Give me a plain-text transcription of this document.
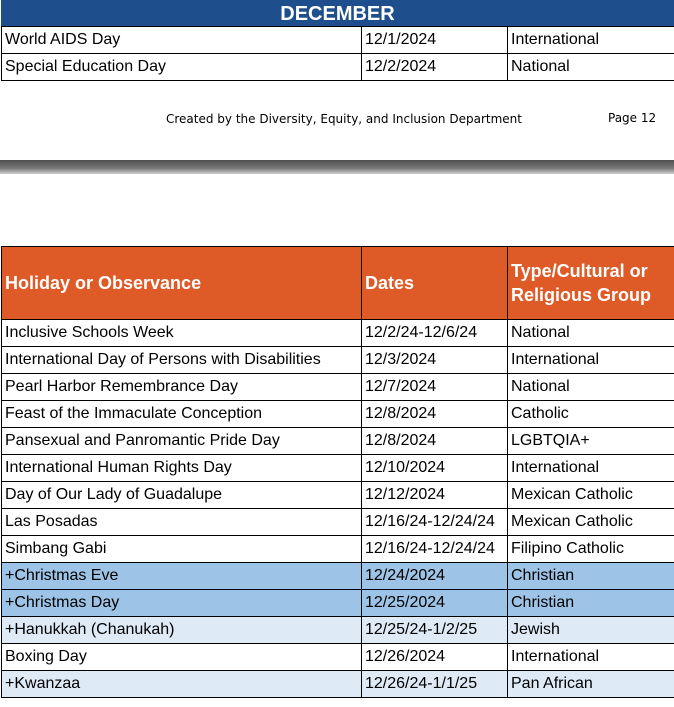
DECEMBER
World AIDS Day	12/1/2024	International
Special Education Day	12/2/2024	National
Created by the Diversity, Equity, and Inclusion Department	Page 12
Holiday or Observance	Dates	Type/Cultural or Religious Group
Inclusive Schools Week	12/2/24-12/6/24	National
International Day of Persons with Disabilities	12/3/2024	International
Pearl Harbor Remembrance Day	12/7/2024	National
Feast of the Immaculate Conception	12/8/2024	Catholic
Pansexual and Panromantic Pride Day	12/8/2024	LGBTQIA+
International Human Rights Day	12/10/2024	International
Day of Our Lady of Guadalupe	12/12/2024	Mexican Catholic
Las Posadas	12/16/24-12/24/24	Mexican Catholic
Simbang Gabi	12/16/24-12/24/24	Filipino Catholic
+Christmas Eve	12/24/2024	Christian
+Christmas Day	12/25/2024	Christian
+Hanukkah (Chanukah)	12/25/24-1/2/25	Jewish
Boxing Day	12/26/2024	International
+Kwanzaa	12/26/24-1/1/25	Pan African
